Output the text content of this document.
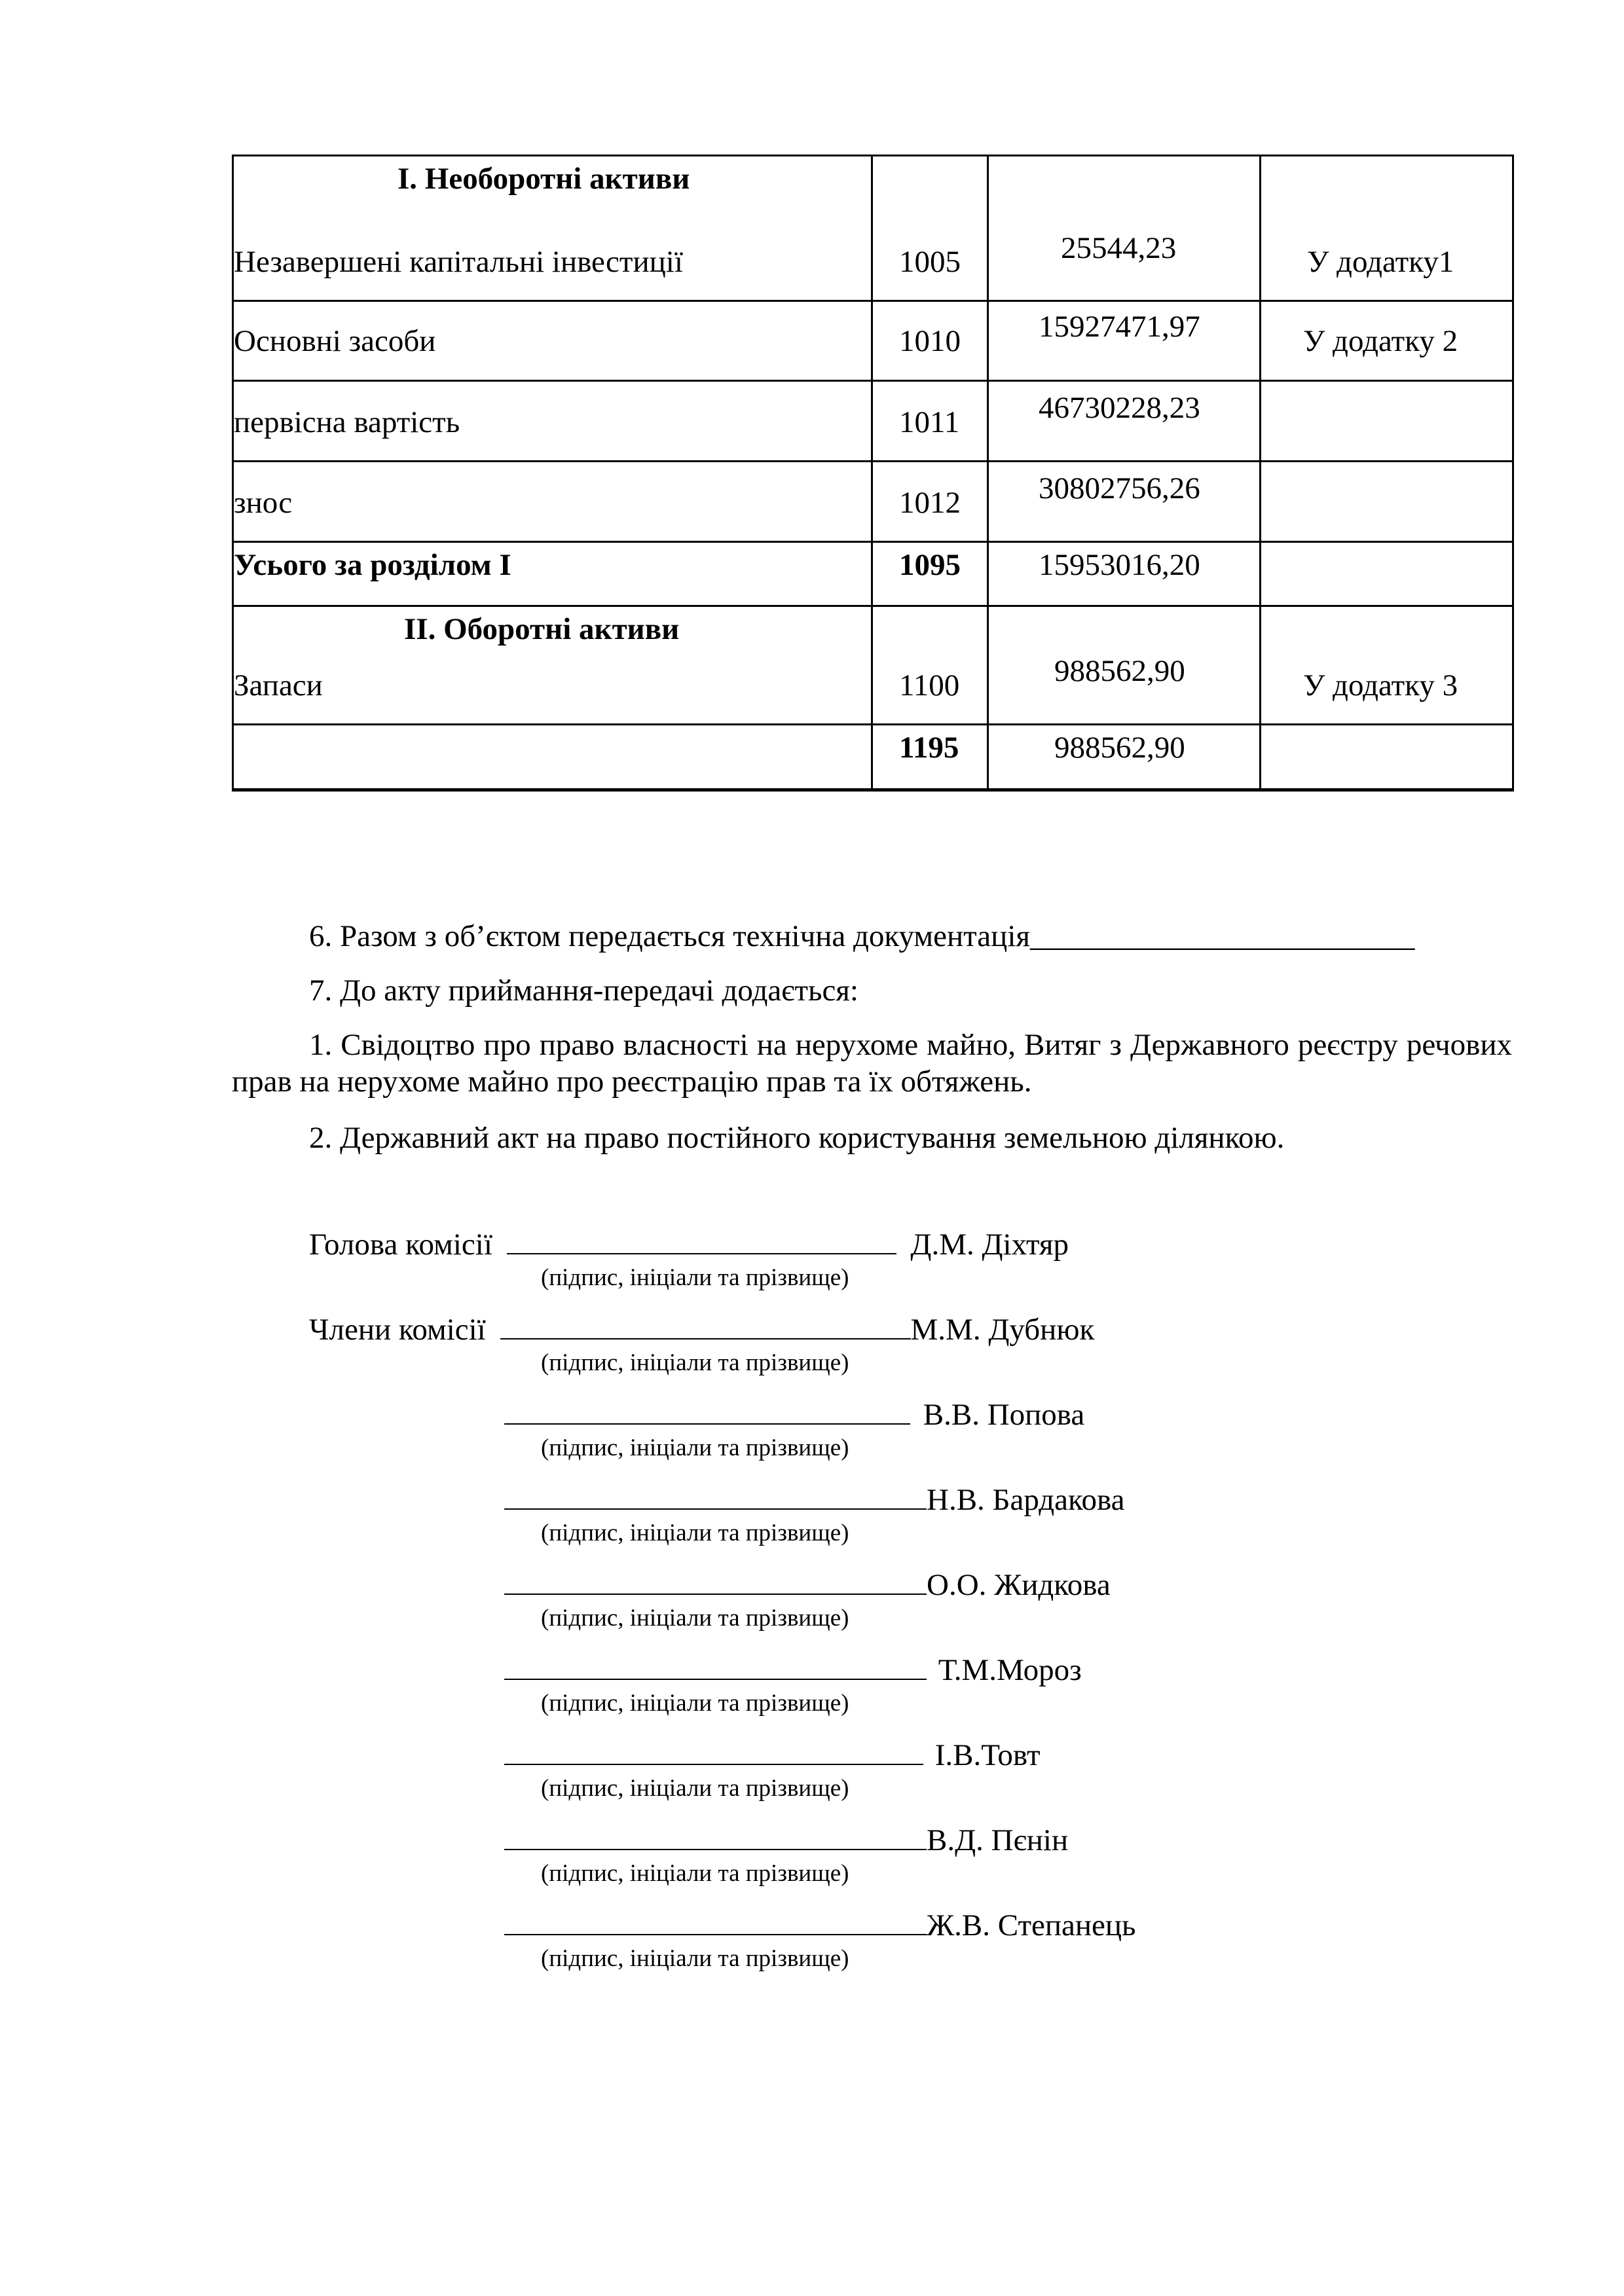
І. Необоротні активи
Незавершені капітальні інвестиції	1005	25544,23	У додатку1

Основні засоби	1010	15927471,97	У додатку 2

первісна вартість	1011	46730228,23	

знос	1012	30802756,26	

Усього за розділом І	1095	15953016,20	

ІІ. Оборотні активи
Запаси	1100	988562,90	У додатку 3

	1195	988562,90	

6. Разом з об’єктом передається технічна документація_________________________
7. До акту приймання-передачі додається:
1. Свідоцтво про право власності на нерухоме майно, Витяг з Державного реєстру речових прав на нерухоме майно про реєстрацію прав та їх обтяжень.
2. Державний акт на право постійного користування земельною ділянкою.
Голова комісії	Д.М. Діхтяр
(підпис, ініціали та прізвище)
Члени комісії	М.М. Дубнюк
(підпис, ініціали та прізвище)
В.В. Попова
(підпис, ініціали та прізвище)
Н.В. Бардакова
(підпис, ініціали та прізвище)
О.О. Жидкова
(підпис, ініціали та прізвище)
Т.М.Мороз
(підпис, ініціали та прізвище)
І.В.Товт
(підпис, ініціали та прізвище)
В.Д. Пєнін
(підпис, ініціали та прізвище)
Ж.В. Степанець
(підпис, ініціали та прізвище)
